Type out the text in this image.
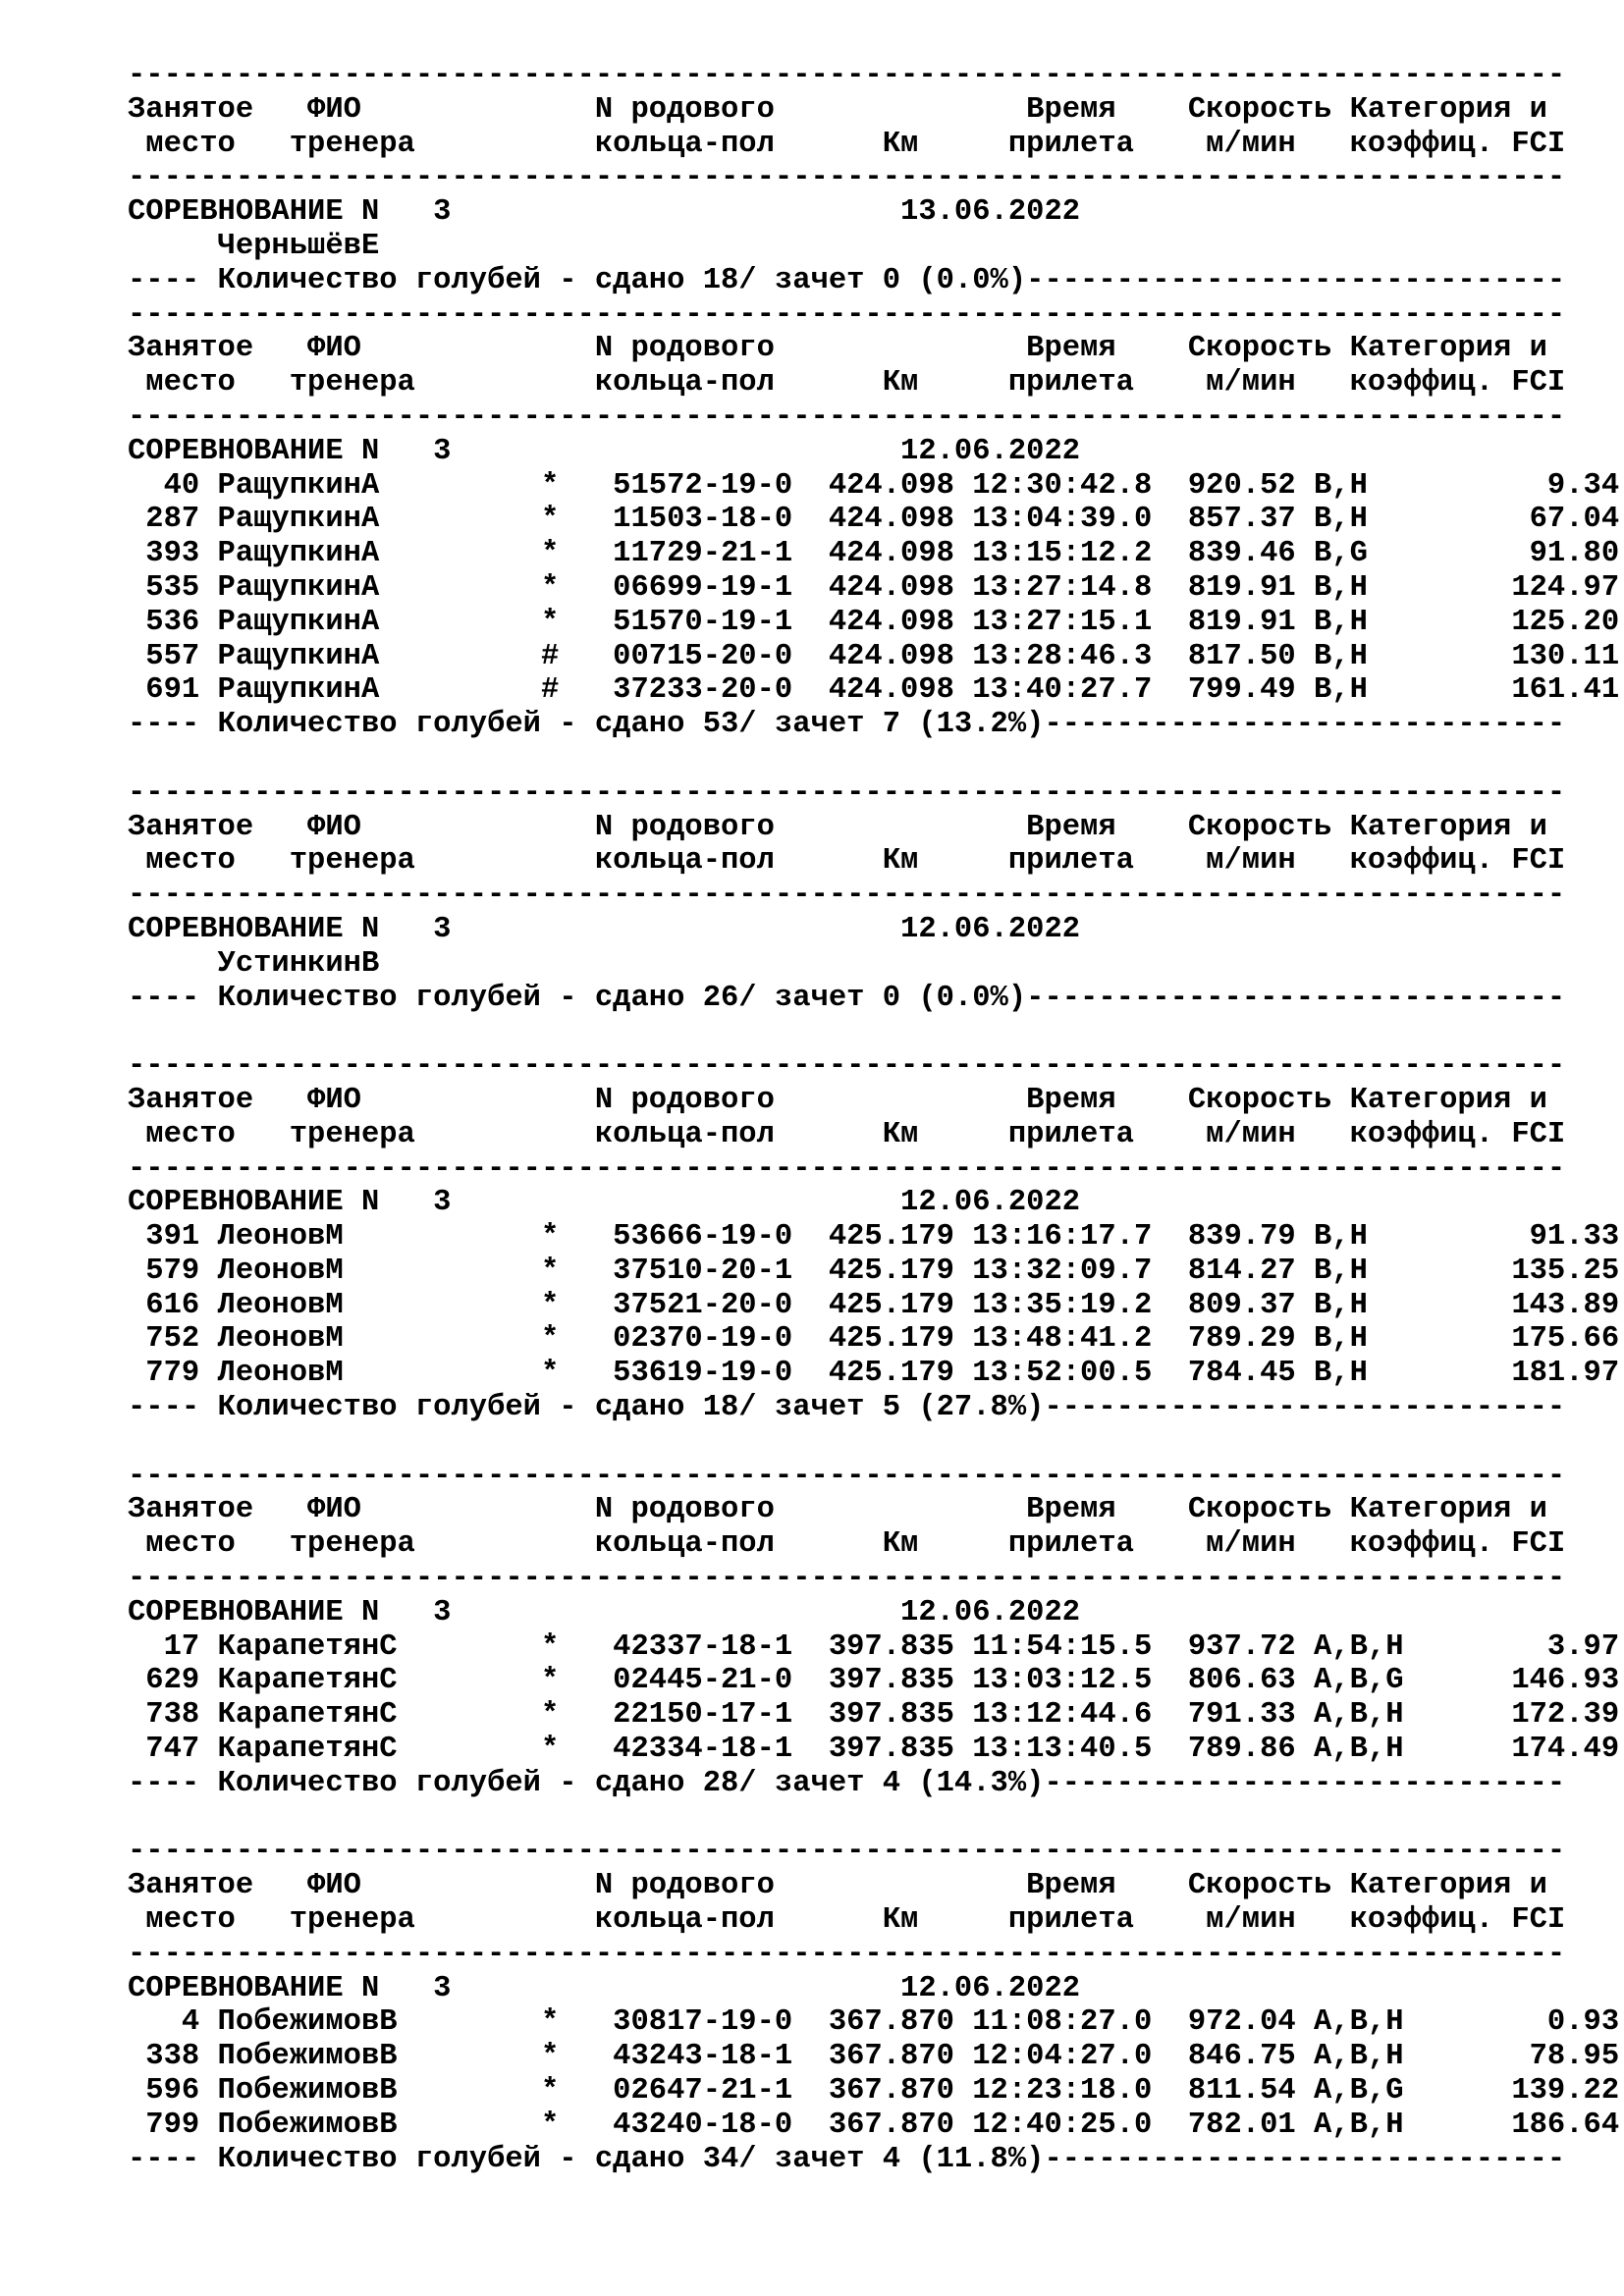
--------------------------------------------------------------------------------
Занятое   ФИО             N родового              Время    Скорость Категория и
место   тренера          кольца-пол      Км     прилета    м/мин   коэффиц. FCI
--------------------------------------------------------------------------------
СОРЕВНОВАНИЕ N   3                         13.06.2022
ЧерньшёвЕ
---- Количество голубей - сдано 18/ зачет 0 (0.0%)------------------------------
--------------------------------------------------------------------------------
Занятое   ФИО             N родового              Время    Скорость Категория и
место   тренера          кольца-пол      Км     прилета    м/мин   коэффиц. FCI
--------------------------------------------------------------------------------
СОРЕВНОВАНИЕ N   3                         12.06.2022
40 РащупкинА         *   51572-19-0  424.098 12:30:42.8  920.52 B,H          9.34
287 РащупкинА         *   11503-18-0  424.098 13:04:39.0  857.37 B,H         67.04
393 РащупкинА         *   11729-21-1  424.098 13:15:12.2  839.46 B,G         91.80
535 РащупкинА         *   06699-19-1  424.098 13:27:14.8  819.91 B,H        124.97
536 РащупкинА         *   51570-19-1  424.098 13:27:15.1  819.91 B,H        125.20
557 РащупкинА         #   00715-20-0  424.098 13:28:46.3  817.50 B,H        130.11
691 РащупкинА         #   37233-20-0  424.098 13:40:27.7  799.49 B,H        161.41
---- Количество голубей - сдано 53/ зачет 7 (13.2%)-----------------------------
--------------------------------------------------------------------------------
Занятое   ФИО             N родового              Время    Скорость Категория и
место   тренера          кольца-пол      Км     прилета    м/мин   коэффиц. FCI
--------------------------------------------------------------------------------
СОРЕВНОВАНИЕ N   3                         12.06.2022
УстинкинВ
---- Количество голубей - сдано 26/ зачет 0 (0.0%)------------------------------
--------------------------------------------------------------------------------
Занятое   ФИО             N родового              Время    Скорость Категория и
место   тренера          кольца-пол      Км     прилета    м/мин   коэффиц. FCI
--------------------------------------------------------------------------------
СОРЕВНОВАНИЕ N   3                         12.06.2022
391 ЛеоновМ           *   53666-19-0  425.179 13:16:17.7  839.79 B,H         91.33
579 ЛеоновМ           *   37510-20-1  425.179 13:32:09.7  814.27 B,H        135.25
616 ЛеоновМ           *   37521-20-0  425.179 13:35:19.2  809.37 B,H        143.89
752 ЛеоновМ           *   02370-19-0  425.179 13:48:41.2  789.29 B,H        175.66
779 ЛеоновМ           *   53619-19-0  425.179 13:52:00.5  784.45 B,H        181.97
---- Количество голубей - сдано 18/ зачет 5 (27.8%)-----------------------------
--------------------------------------------------------------------------------
Занятое   ФИО             N родового              Время    Скорость Категория и
место   тренера          кольца-пол      Км     прилета    м/мин   коэффиц. FCI
--------------------------------------------------------------------------------
СОРЕВНОВАНИЕ N   3                         12.06.2022
17 КарапетянС        *   42337-18-1  397.835 11:54:15.5  937.72 A,B,H        3.97
629 КарапетянС        *   02445-21-0  397.835 13:03:12.5  806.63 A,B,G      146.93
738 КарапетянС        *   22150-17-1  397.835 13:12:44.6  791.33 A,B,H      172.39
747 КарапетянС        *   42334-18-1  397.835 13:13:40.5  789.86 A,B,H      174.49
---- Количество голубей - сдано 28/ зачет 4 (14.3%)-----------------------------
--------------------------------------------------------------------------------
Занятое   ФИО             N родового              Время    Скорость Категория и
место   тренера          кольца-пол      Км     прилета    м/мин   коэффиц. FCI
--------------------------------------------------------------------------------
СОРЕВНОВАНИЕ N   3                         12.06.2022
4 ПобежимовВ        *   30817-19-0  367.870 11:08:27.0  972.04 A,B,H        0.93
338 ПобежимовВ        *   43243-18-1  367.870 12:04:27.0  846.75 A,B,H       78.95
596 ПобежимовВ        *   02647-21-1  367.870 12:23:18.0  811.54 A,B,G      139.22
799 ПобежимовВ        *   43240-18-0  367.870 12:40:25.0  782.01 A,B,H      186.64
---- Количество голубей - сдано 34/ зачет 4 (11.8%)-----------------------------
